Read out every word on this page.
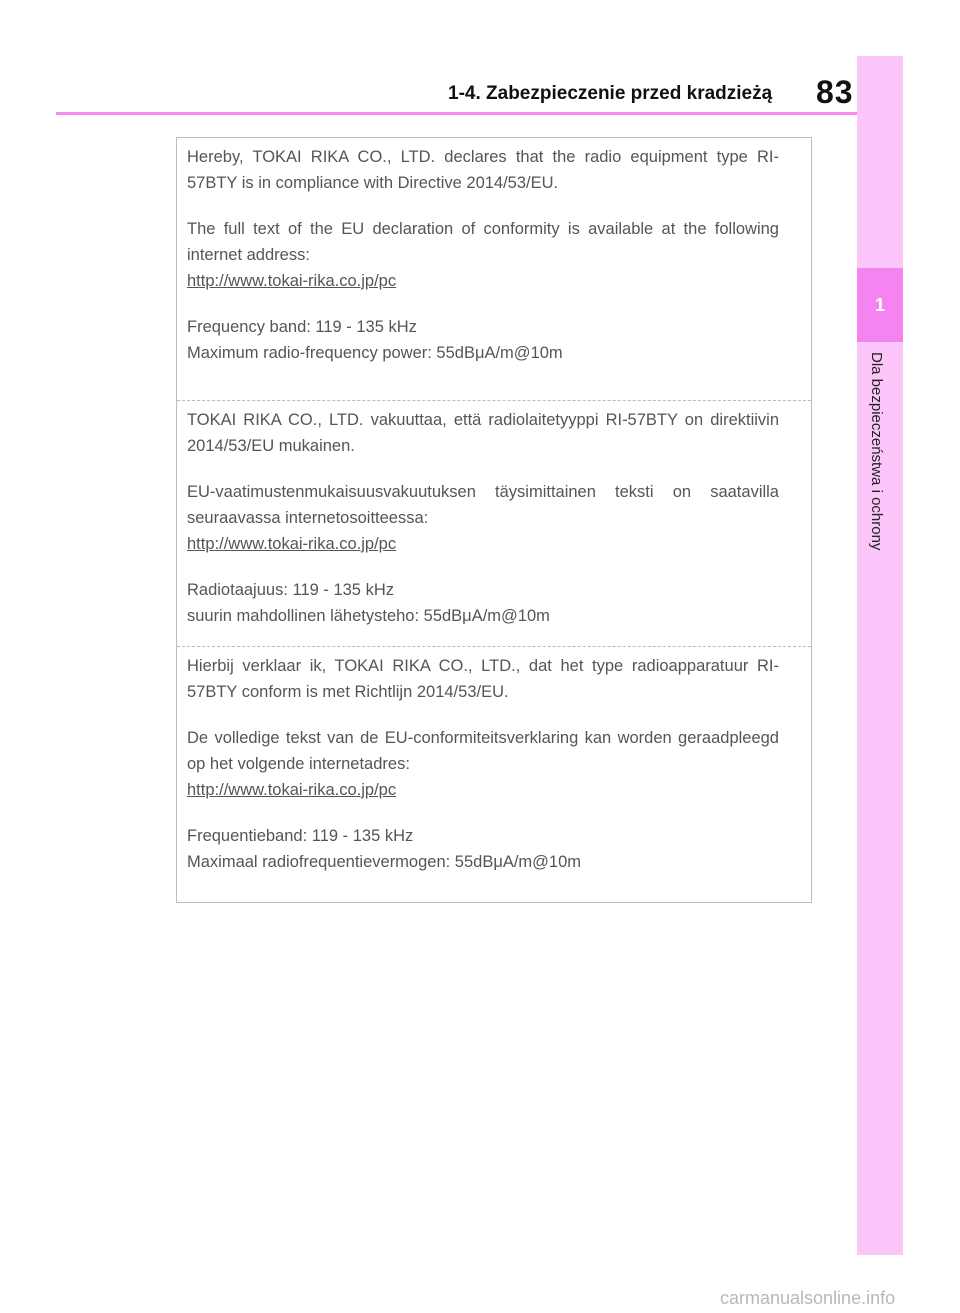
1-4. Zabezpieczenie przed kradzieżą 83
1
Dla bezpieczeństwa i ochrony

Hereby, TOKAI RIKA CO., LTD. declares that the radio equipment type RI-57BTY is in compliance with Directive 2014/53/EU.

The full text of the EU declaration of conformity is available at the following internet address:
http://www.tokai-rika.co.jp/pc

Frequency band: 119 - 135 kHz
Maximum radio-frequency power: 55dBμA/m@10m

TOKAI RIKA CO., LTD. vakuuttaa, että radiolaitetyyppi RI-57BTY on direktiivin 2014/53/EU mukainen.

EU-vaatimustenmukaisuusvakuutuksen täysimittainen teksti on saatavilla seuraavassa internetosoitteessa:
http://www.tokai-rika.co.jp/pc

Radiotaajuus: 119 - 135 kHz
suurin mahdollinen lähetysteho: 55dBμA/m@10m

Hierbij verklaar ik, TOKAI RIKA CO., LTD., dat het type radioapparatuur RI-57BTY conform is met Richtlijn 2014/53/EU.

De volledige tekst van de EU-conformiteitsverklaring kan worden geraadpleegd op het volgende internetadres:
http://www.tokai-rika.co.jp/pc

Frequentieband: 119 - 135 kHz
Maximaal radiofrequentievermogen: 55dBμA/m@10m

carmanualsonline.info
